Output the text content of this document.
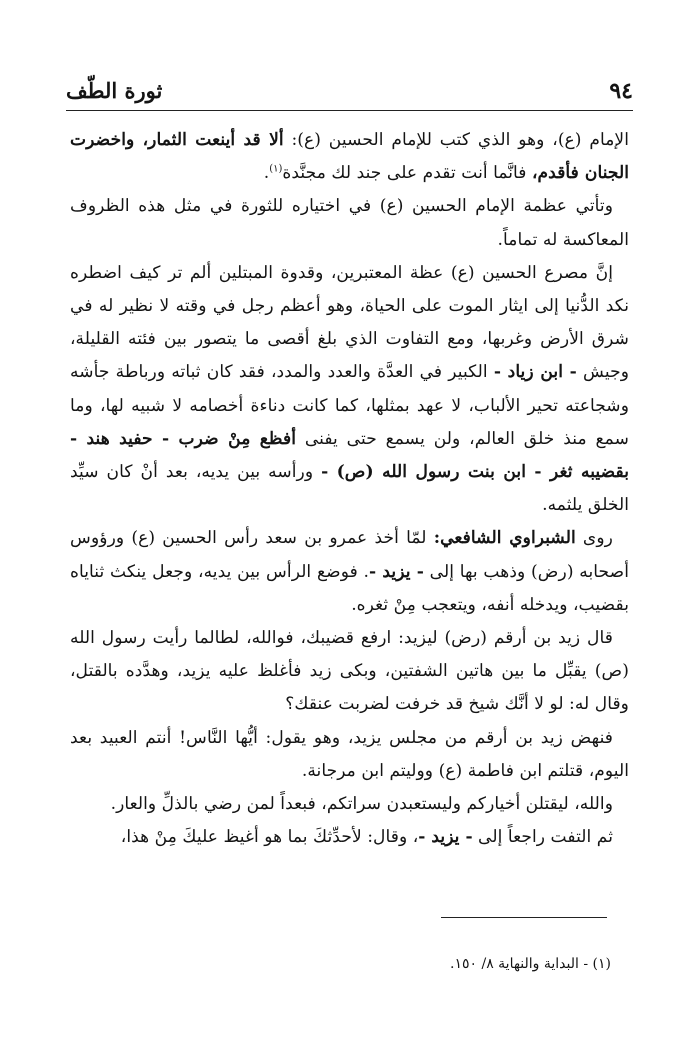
٩٤
ثورة الطّف

الإمام (ع)، وهو الذي كتب للإمام الحسين (ع): ألا قد أينعت الثمار، واخضرت الجنان فأقدم، فانَّما أنت تقدم على جند لك مجنَّدة$^{(١)}$.

وتأتي عظمة الإمام الحسين (ع) في اختياره للثورة في مثل هذه الظروف المعاكسة له تماماً.

إنَّ مصرع الحسين (ع) عظة المعتبرين، وقدوة المبتلين ألم تر كيف اضطره نكد الدُّنيا إلى ايثار الموت على الحياة، وهو أعظم رجل في وقته لا نظير له في شرق الأرض وغربها، ومع التفاوت الذي بلغ أقصى ما يتصور بين فئته القليلة، وجيش - ابن زياد - الكبير في العدَّة والعدد والمدد، فقد كان ثباته ورباطة جأشه وشجاعته تحير الألباب، لا عهد بمثلها، كما كانت دناءة أخصامه لا شبيه لها، وما سمع منذ خلق العالم، ولن يسمع حتى يفنى أفظع مِنْ ضرب - حفيد هند - بقضيبه ثغر - ابن بنت رسول الله (ص) - ورأسه بين يديه، بعد أنْ كان سيِّد الخلق يلثمه.

روى الشبراوي الشافعي: لمّا أخذ عمرو بن سعد رأس الحسين (ع) ورؤوس أصحابه (رض) وذهب بها إلى - يزيد -. فوضع الرأس بين يديه، وجعل ينكث ثناياه بقضيب، ويدخله أنفه، ويتعجب مِنْ ثغره.

قال زيد بن أرقم (رض) ليزيد: ارفع قضيبك، فوالله، لطالما رأيت رسول الله (ص) يقبِّل ما بين هاتين الشفتين، وبكى زيد فأغلظ عليه يزيد، وهدَّده بالقتل، وقال له: لو لا أنَّك شيخ قد خرفت لضربت عنقك؟

فنهض زيد بن أرقم من مجلس يزيد، وهو يقول: أيُّها النَّاس! أنتم العبيد بعد اليوم، قتلتم ابن فاطمة (ع) ووليتم ابن مرجانة.

والله، ليقتلن أخياركم وليستعبدن سراتكم، فبعداً لمن رضي بالذلِّ والعار.

ثم التفت راجعاً إلى - يزيد -، وقال: لأحدِّثكَ بما هو أغيظ عليكَ مِنْ هذا،

(١) - البداية والنهاية ٨/ ١٥٠.
